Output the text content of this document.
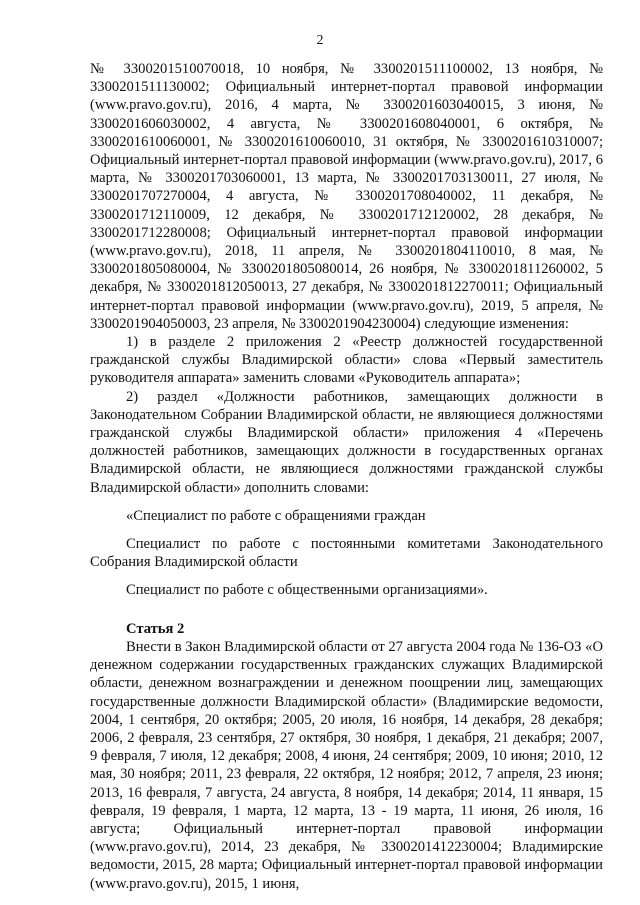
2

№ 3300201510070018, 10 ноября, № 3300201511100002, 13 ноября, № 3300201511130002; Официальный интернет-портал правовой информации (www.pravo.gov.ru), 2016, 4 марта, № 3300201603040015, 3 июня, № 3300201606030002, 4 августа, № 3300201608040001, 6 октября, № 3300201610060001, № 3300201610060010, 31 октября, № 3300201610310007; Официальный интернет-портал правовой информации (www.pravo.gov.ru), 2017, 6 марта, № 3300201703060001, 13 марта, № 3300201703130011, 27 июля, № 3300201707270004, 4 августа, № 3300201708040002, 11 декабря, № 3300201712110009, 12 декабря, № 3300201712120002, 28 декабря, № 3300201712280008; Официальный интернет-портал правовой информации (www.pravo.gov.ru), 2018, 11 апреля, № 3300201804110010, 8 мая, № 3300201805080004, № 3300201805080014, 26 ноября, № 3300201811260002, 5 декабря, № 3300201812050013, 27 декабря, № 3300201812270011; Официальный интернет-портал правовой информации (www.pravo.gov.ru), 2019, 5 апреля, № 3300201904050003, 23 апреля, № 3300201904230004) следующие изменения:

1) в разделе 2 приложения 2 «Реестр должностей государственной гражданской службы Владимирской области» слова «Первый заместитель руководителя аппарата» заменить словами «Руководитель аппарата»;

2) раздел «Должности работников, замещающих должности в Законодательном Собрании Владимирской области, не являющиеся должностями гражданской службы Владимирской области» приложения 4 «Перечень должностей работников, замещающих должности в государственных органах Владимирской области, не являющиеся должностями гражданской службы Владимирской области» дополнить словами:

«Специалист по работе с обращениями граждан

Специалист по работе с постоянными комитетами Законодательного Собрания Владимирской области

Специалист по работе с общественными организациями».

Статья 2

Внести в Закон Владимирской области от 27 августа 2004 года № 136-ОЗ «О денежном содержании государственных гражданских служащих Владимирской области, денежном вознаграждении и денежном поощрении лиц, замещающих государственные должности Владимирской области» (Владимирские ведомости, 2004, 1 сентября, 20 октября; 2005, 20 июля, 16 ноября, 14 декабря, 28 декабря; 2006, 2 февраля, 23 сентября, 27 октября, 30 ноября, 1 декабря, 21 декабря; 2007, 9 февраля, 7 июля, 12 декабря; 2008, 4 июня, 24 сентября; 2009, 10 июня; 2010, 12 мая, 30 ноября; 2011, 23 февраля, 22 октября, 12 ноября; 2012, 7 апреля, 23 июня; 2013, 16 февраля, 7 августа, 24 августа, 8 ноября, 14 декабря; 2014, 11 января, 15 февраля, 19 февраля, 1 марта, 12 марта, 13 - 19 марта, 11 июня, 26 июля, 16 августа; Официальный интернет-портал правовой информации (www.pravo.gov.ru), 2014, 23 декабря, № 3300201412230004; Владимирские ведомости, 2015, 28 марта; Официальный интернет-портал правовой информации (www.pravo.gov.ru), 2015, 1 июня,
